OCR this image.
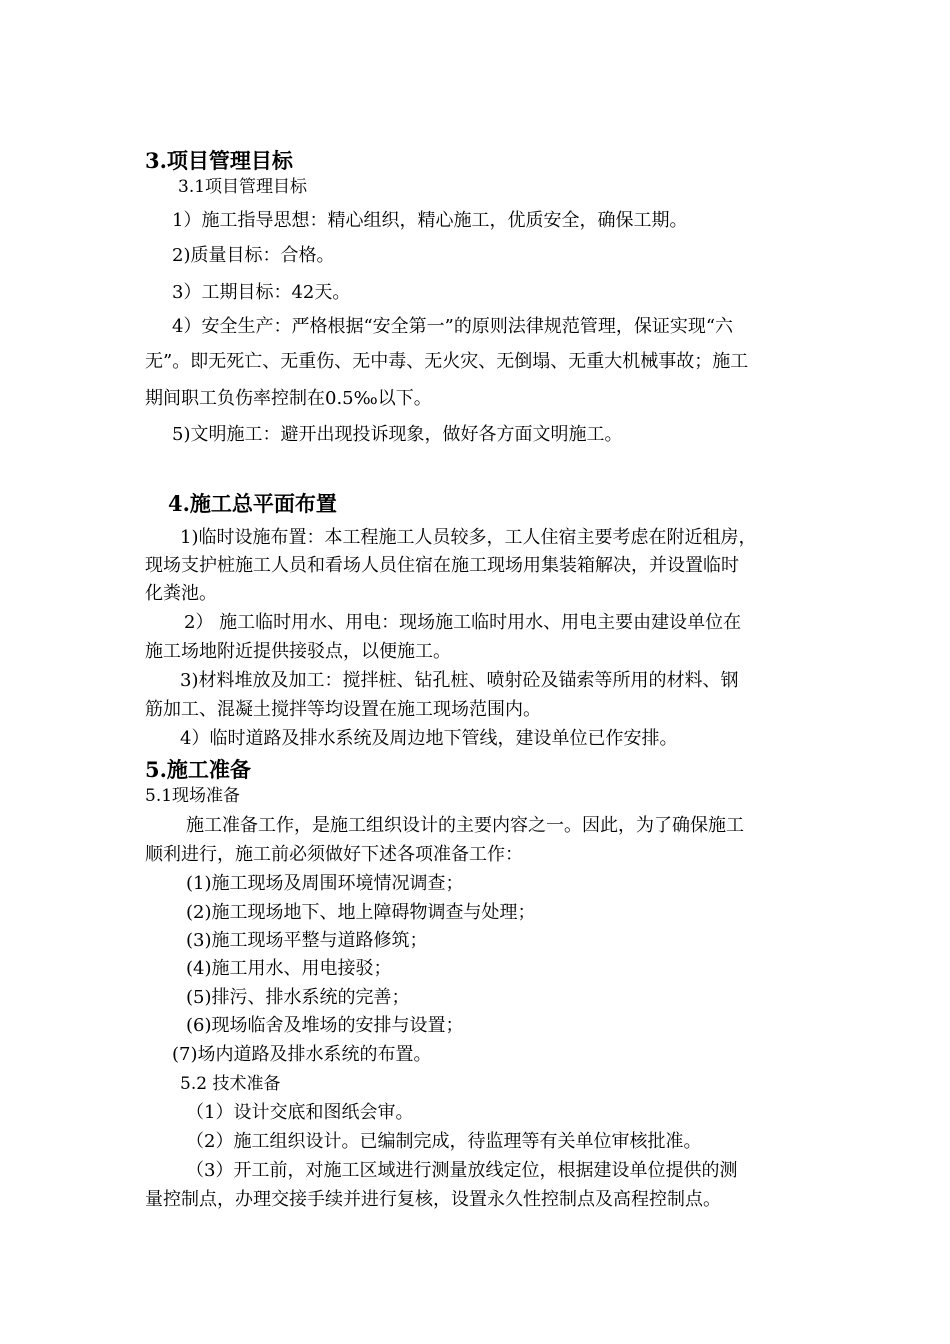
3.项目管理目标
3.1项目管理目标
1）施工指导思想：精心组织，精心施工，优质安全，确保工期。
2)质量目标：合格。
3）工期目标：42天。
4）安全生产：严格根据“安全第一”的原则法律规范管理，保证实现“六
无”。即无死亡、无重伤、无中毒、无火灾、无倒塌、无重大机械事故；施工
期间职工负伤率控制在0.5‰以下。
5)文明施工：避开出现投诉现象，做好各方面文明施工。
4.施工总平面布置
1)临时设施布置：本工程施工人员较多，工人住宿主要考虑在附近租房，
现场支护桩施工人员和看场人员住宿在施工现场用集装箱解决，并设置临时
化粪池。
2） 施工临时用水、用电：现场施工临时用水、用电主要由建设单位在
施工场地附近提供接驳点，以便施工。
3)材料堆放及加工：搅拌桩、钻孔桩、喷射砼及锚索等所用的材料、钢
筋加工、混凝土搅拌等均设置在施工现场范围内。
4）临时道路及排水系统及周边地下管线，建设单位已作安排。
5.施工准备
5.1现场准备
施工准备工作，是施工组织设计的主要内容之一。因此，为了确保施工
顺利进行，施工前必须做好下述各项准备工作：
(1)施工现场及周围环境情况调查；
(2)施工现场地下、地上障碍物调查与处理；
(3)施工现场平整与道路修筑；
(4)施工用水、用电接驳；
(5)排污、排水系统的完善；
(6)现场临舍及堆场的安排与设置；
(7)场内道路及排水系统的布置。
5.2 技术准备
（1）设计交底和图纸会审。
（2）施工组织设计。已编制完成，待监理等有关单位审核批准。
（3）开工前，对施工区域进行测量放线定位，根据建设单位提供的测
量控制点，办理交接手续并进行复核，设置永久性控制点及高程控制点。
